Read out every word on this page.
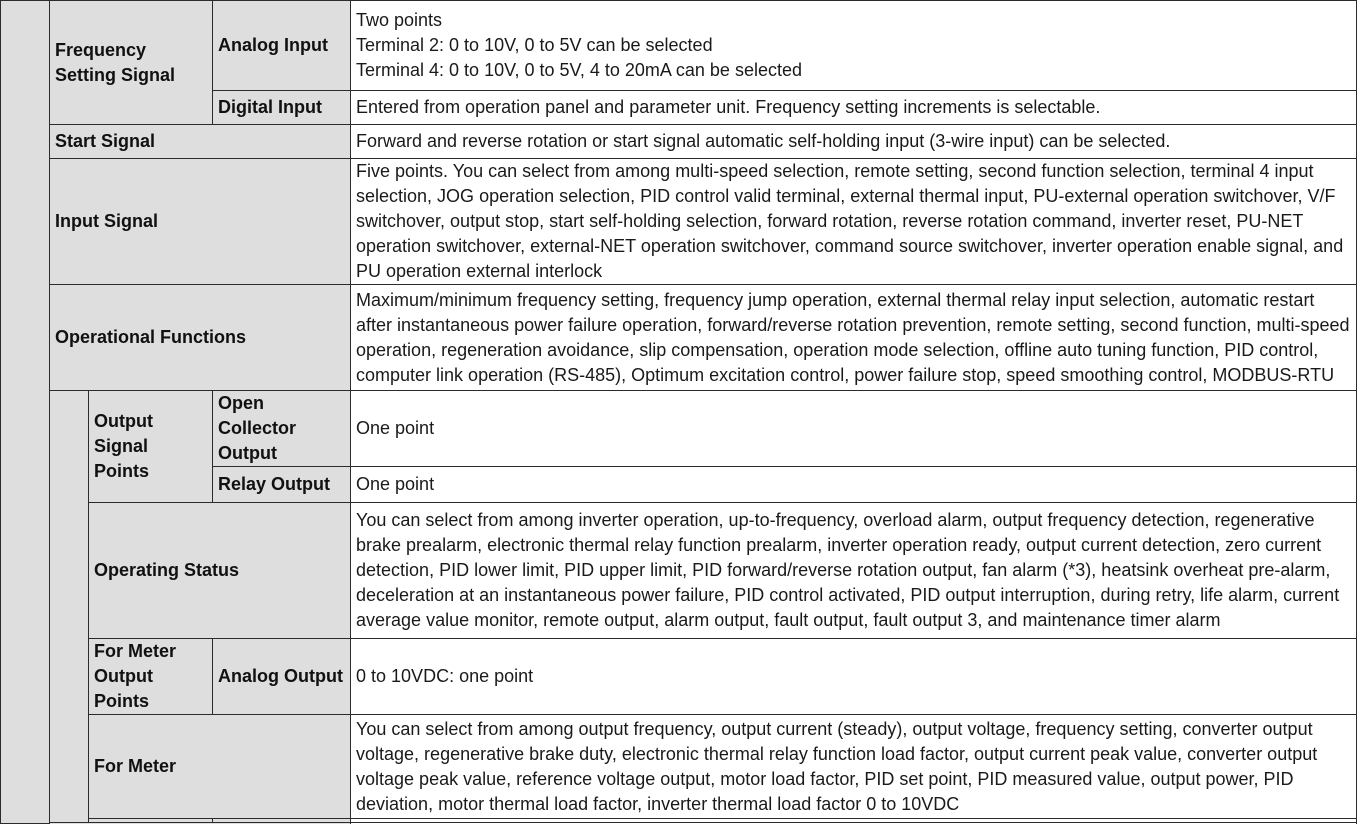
	Frequency Setting Signal		Analog Input	Two points
Terminal 2: 0 to 10V, 0 to 5V can be selected
Terminal 4: 0 to 10V, 0 to 5V, 4 to 20mA can be selected

			Digital Input	Entered from operation panel and parameter unit. Frequency setting increments is selectable.
	Start Signal			Forward and reverse rotation or start signal automatic self-holding input (3-wire input) can be selected.
	Input Signal			Five points. You can select from among multi-speed selection, remote setting, second function selection, terminal 4 input selection, JOG operation selection, PID control valid terminal, external thermal input, PU-external operation switchover, V/F switchover, output stop, start self-holding selection, forward rotation, reverse rotation command, inverter reset, PU-NET operation switchover, external-NET operation switchover, command source switchover, inverter operation enable signal, and PU operation external interlock
	Operational Functions			Maximum/minimum frequency setting, frequency jump operation, external thermal relay input selection, automatic restart after instantaneous power failure operation, forward/reverse rotation prevention, remote setting, second function, multi-speed operation, regeneration avoidance, slip compensation, operation mode selection, offline auto tuning function, PID control, computer link operation (RS-485), Optimum excitation control, power failure stop, speed smoothing control, MODBUS-RTU
	Output Signal Points	Open Collector Output	One point
			Relay Output	One point
		Operating Status		You can select from among inverter operation, up-to-frequency, overload alarm, output frequency detection, regenerative brake prealarm, electronic thermal relay function prealarm, inverter operation ready, output current detection, zero current detection, PID lower limit, PID upper limit, PID forward/reverse rotation output, fan alarm (*3), heatsink overheat pre-alarm, deceleration at an instantaneous power failure, PID control activated, PID output interruption, during retry, life alarm, current average value monitor, remote output, alarm output, fault output, fault output 3, and maintenance timer alarm
		For Meter Output Points	Analog Output	0 to 10VDC: one point
		For Meter		You can select from among output frequency, output current (steady), output voltage, frequency setting, converter output voltage, regenerative brake duty, electronic thermal relay function load factor, output current peak value, converter output voltage peak value, reference voltage output, motor load factor, PID set point, PID measured value, output power, PID deviation, motor thermal load factor, inverter thermal load factor 0 to 10VDC
